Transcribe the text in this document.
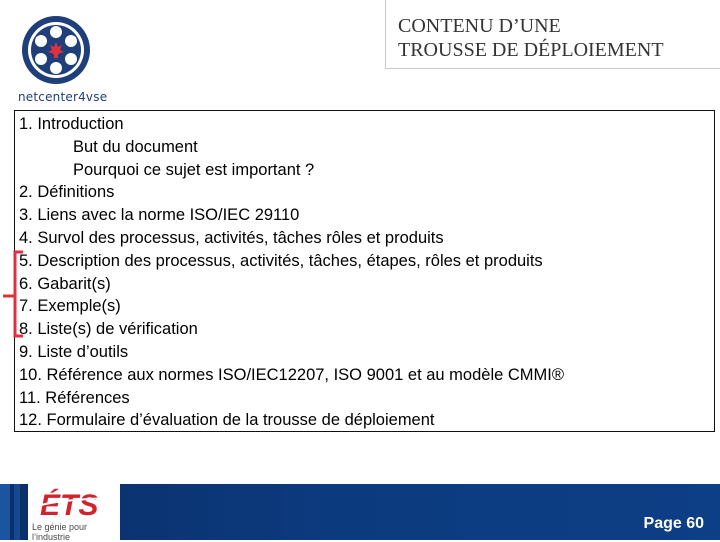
netcenter4vse
CONTENU D’UNE
TROUSSE DE DÉPLOIEMENT
1. Introduction
But du document
Pourquoi ce sujet est important ?
2. Définitions
3. Liens avec la norme ISO/IEC 29110
4. Survol des processus, activités, tâches rôles et produits
5. Description des processus, activités, tâches, étapes, rôles et produits
6. Gabarit(s)
7. Exemple(s)
8. Liste(s) de vérification
9. Liste d’outils
10. Référence aux normes ISO/IEC12207, ISO 9001 et au modèle CMMI®
11. Références
12. Formulaire d’évaluation de la trousse de déploiement
ÉTS
Le génie pour l’industrie
Page 60
